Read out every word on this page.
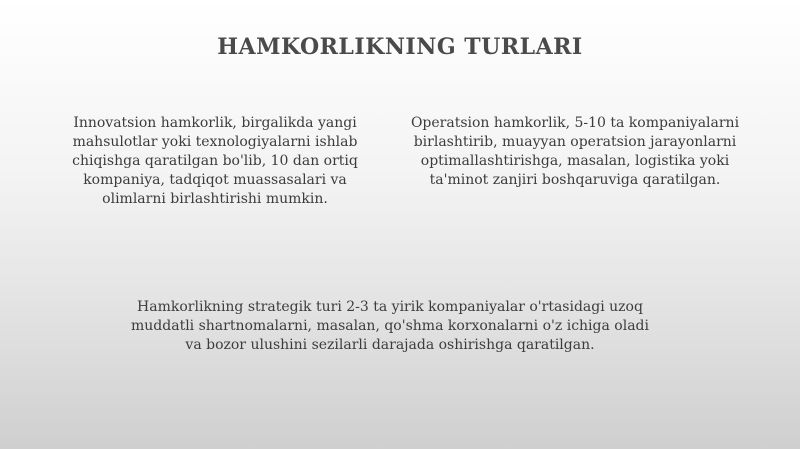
HAMKORLIKNING TURLARI
Innovatsion hamkorlik, birgalikda yangi mahsulotlar yoki texnologiyalarni ishlab chiqishga qaratilgan bo'lib, 10 dan ortiq kompaniya, tadqiqot muassasalari va olimlarni birlashtirishi mumkin.
Operatsion hamkorlik, 5-10 ta kompaniyalarni birlashtirib, muayyan operatsion jarayonlarni optimallashtirishga, masalan, logistika yoki ta'minot zanjiri boshqaruviga qaratilgan.
Hamkorlikning strategik turi 2-3 ta yirik kompaniyalar o'rtasidagi uzoq muddatli shartnomalarni, masalan, qo'shma korxonalarni o'z ichiga oladi va bozor ulushini sezilarli darajada oshirishga qaratilgan.
